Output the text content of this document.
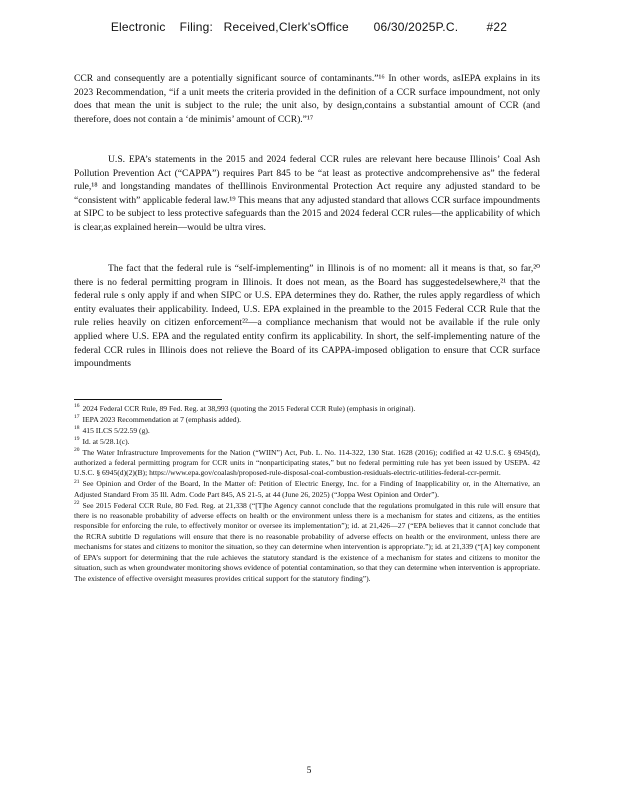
Electronic    Filing:   Received,Clerk'sOffice       06/30/2025P.C.        #22

CCR and consequently are a potentially significant source of contaminants.”¹⁶ In other words, asIEPA explains in its 2023 Recommendation, “if a unit meets the criteria provided in the definition of a CCR surface impoundment, not only does that mean the unit is subject to the rule; the unit also, by design,contains a substantial amount of CCR (and therefore, does not contain a ‘de minimis’ amount of CCR).”¹⁷

U.S. EPA’s statements in the 2015 and 2024 federal CCR rules are relevant here because Illinois’ Coal Ash Pollution Prevention Act (“CAPPA”) requires Part 845 to be “at least as protective andcomprehensive as” the federal rule,¹⁸ and longstanding mandates of theIllinois Environmental Protection Act require any adjusted standard to be “consistent with” applicable federal law.¹⁹ This means that any adjusted standard that allows CCR surface impoundments at SIPC to be subject to less protective safeguards than the 2015 and 2024 federal CCR rules—the applicability of which is clear,as explained herein—would be ultra vires.

The fact that the federal rule is “self-implementing” in Illinois is of no moment: all it means is that, so far,²⁰ there is no federal permitting program in Illinois. It does not mean, as the Board has suggestedelsewhere,²¹ that the federal rule s only apply if and when SIPC or U.S. EPA determines they do. Rather, the rules apply regardless of which entity evaluates their applicability. Indeed, U.S. EPA explained in the preamble to the 2015 Federal CCR Rule that the rule relies heavily on citizen enforcement²²—a compliance mechanism that would not be available if the rule only applied where U.S. EPA and the regulated entity confirm its applicability. In short, the self-implementing nature of the federal CCR rules in Illinois does not relieve the Board of its CAPPA-imposed obligation to ensure that CCR surface impoundments

$^{16}$ 2024 Federal CCR Rule, 89 Fed. Reg. at 38,993 (quoting the 2015 Federal CCR Rule) (emphasis in original).

$^{17}$ IEPA 2023 Recommendation at 7 (emphasis added).

$^{18}$ 415 ILCS 5/22.59 (g).

$^{19}$ Id. at 5/28.1(c).

$^{20}$ The Water Infrastructure Improvements for the Nation (“WIIN”) Act, Pub. L. No. 114-322, 130 Stat. 1628 (2016); codified at 42 U.S.C. § 6945(d), authorized a federal permitting program for CCR units in “nonparticipating states,” but no federal permitting rule has yet been issued by USEPA. 42 U.S.C. § 6945(d)(2)(B); https://www.epa.gov/coalash/proposed-rule-disposal-coal-combustion-residuals-electric-utilities-federal-ccr-permit.

$^{21}$ See Opinion and Order of the Board, In the Matter of: Petition of Electric Energy, Inc. for a Finding of Inapplicability or, in the Alternative, an Adjusted Standard From 35 Ill. Adm. Code Part 845, AS 21-5, at 44 (June 26, 2025) (“Joppa West Opinion and Order”).

$^{22}$ See 2015 Federal CCR Rule, 80 Fed. Reg. at 21,338 (“[T]he Agency cannot conclude that the regulations promulgated in this rule will ensure that there is no reasonable probability of adverse effects on health or the environment unless there is a mechanism for states and citizens, as the entities responsible for enforcing the rule, to effectively monitor or oversee its implementation”); id. at 21,426—27 (“EPA believes that it cannot conclude that the RCRA subtitle D regulations will ensure that there is no reasonable probability of adverse effects on health or the environment, unless there are mechanisms for states and citizens to monitor the situation, so they can determine when intervention is appropriate.”); id. at 21,339 (“[A] key component of EPA’s support for determining that the rule achieves the statutory standard is the existence of a mechanism for states and citizens to monitor the situation, such as when groundwater monitoring shows evidence of potential contamination, so that they can determine when intervention is appropriate. The existence of effective oversight measures provides critical support for the statutory finding”).

5
